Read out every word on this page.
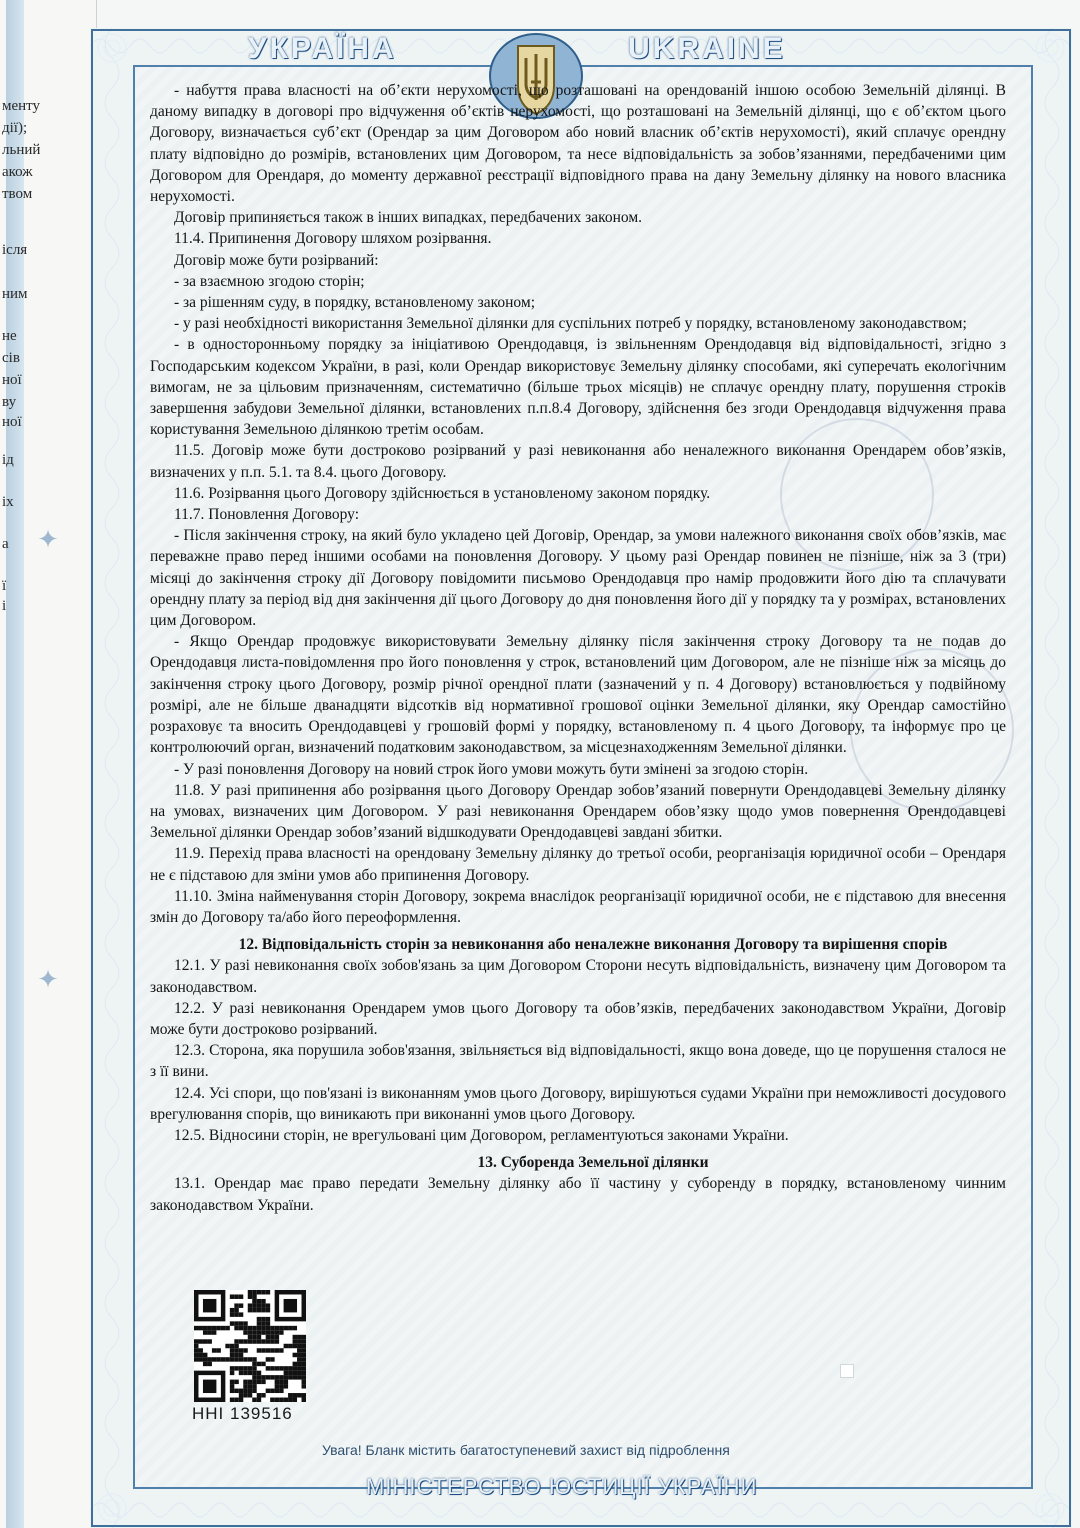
менту
дії);
льний
акож
твом
ісля
ним
не
сів
ної
ву
ної
ід
іх
а
ї
і
✦
✦
УКРАЇНА	UKRAINE
ННІ 139516
Увага! Бланк містить багатоступеневий захист від підроблення
МІНІСТЕРСТВО ЮСТИЦІЇ УКРАЇНИ

- набуття права власності на об’єкти нерухомості, що розташовані на орендованій іншою особою Земельній ділянці. В даному випадку в договорі про відчуження об’єктів нерухомості, що розташовані на Земельній ділянці, що є об’єктом цього Договору, визначається суб’єкт (Орендар за цим Договором або новий власник об’єктів нерухомості), який сплачує орендну плату відповідно до розмірів, встановлених цим Договором, та несе відповідальність за зобов’язаннями, передбаченими цим Договором для Орендаря, до моменту державної реєстрації відповідного права на дану Земельну ділянку на нового власника нерухомості.

Договір припиняється також в інших випадках, передбачених законом.

11.4. Припинення Договору шляхом розірвання.

Договір може бути розірваний:

- за взаємною згодою сторін;

- за рішенням суду, в порядку, встановленому законом;

- у разі необхідності використання Земельної ділянки для суспільних потреб у порядку, встановленому законодавством;

- в односторонньому порядку за ініціативою Орендодавця, із звільненням Орендодавця від відповідальності, згідно з Господарським кодексом України, в разі, коли Орендар використовує Земельну ділянку способами, які суперечать екологічним вимогам, не за цільовим призначенням, систематично (більше трьох місяців) не сплачує орендну плату, порушення строків завершення забудови Земельної ділянки, встановлених п.п.8.4 Договору, здійснення без згоди Орендодавця відчуження права користування Земельною ділянкою третім особам.

11.5. Договір може бути достроково розірваний у разі невиконання або неналежного виконання Орендарем обов’язків, визначених у п.п. 5.1. та 8.4. цього Договору.

11.6. Розірвання цього Договору здійснюється в установленому законом порядку.

11.7. Поновлення Договору:

- Після закінчення строку, на який було укладено цей Договір, Орендар, за умови належного виконання своїх обов’язків, має переважне право перед іншими особами на поновлення Договору. У цьому разі Орендар повинен не пізніше, ніж за 3 (три) місяці до закінчення строку дії Договору повідомити письмово Орендодавця про намір продовжити його дію та сплачувати орендну плату за період від дня закінчення дії цього Договору до дня поновлення його дії у порядку та у розмірах, встановлених цим Договором.

- Якщо Орендар продовжує використовувати Земельну ділянку після закінчення строку Договору та не подав до Орендодавця листа-повідомлення про його поновлення у строк, встановлений цим Договором, але не пізніше ніж за місяць до закінчення строку цього Договору, розмір річної орендної плати (зазначений у п. 4 Договору) встановлюється у подвійному розмірі, але не більше дванадцяти відсотків від нормативної грошової оцінки Земельної ділянки, яку Орендар самостійно розраховує та вносить Орендодавцеві у грошовій формі у порядку, встановленому п. 4 цього Договору, та інформує про це контролюючий орган, визначений податковим законодавством, за місцезнаходженням Земельної ділянки.

- У разі поновлення Договору на новий строк його умови можуть бути змінені за згодою сторін.

11.8. У разі припинення або розірвання цього Договору Орендар зобов’язаний повернути Орендодавцеві Земельну ділянку на умовах, визначених цим Договором. У разі невиконання Орендарем обов’язку щодо умов повернення Орендодавцеві Земельної ділянки Орендар зобов’язаний відшкодувати Орендодавцеві завдані збитки.

11.9. Перехід права власності на орендовану Земельну ділянку до третьої особи, реорганізація юридичної особи – Орендаря не є підставою для зміни умов або припинення Договору.

11.10. Зміна найменування сторін Договору, зокрема внаслідок реорганізації юридичної особи, не є підставою для внесення змін до Договору та/або його переоформлення.

12. Відповідальність сторін за невиконання або неналежне виконання Договору та вирішення спорів

12.1. У разі невиконання своїх зобов'язань за цим Договором Сторони несуть відповідальність, визначену цим Договором та законодавством.

12.2. У разі невиконання Орендарем умов цього Договору та обов’язків, передбачених законодавством України, Договір може бути достроково розірваний.

12.3. Сторона, яка порушила зобов'язання, звільняється від відповідальності, якщо вона доведе, що це порушення сталося не з її вини.

12.4. Усі спори, що пов'язані із виконанням умов цього Договору, вирішуються судами України при неможливості досудового врегулювання спорів, що виникають при виконанні умов цього Договору.

12.5. Відносини сторін, не врегульовані цим Договором, регламентуються законами України.

13. Суборенда Земельної ділянки

13.1. Орендар має право передати Земельну ділянку або її частину у суборенду в порядку, встановленому чинним законодавством України.
